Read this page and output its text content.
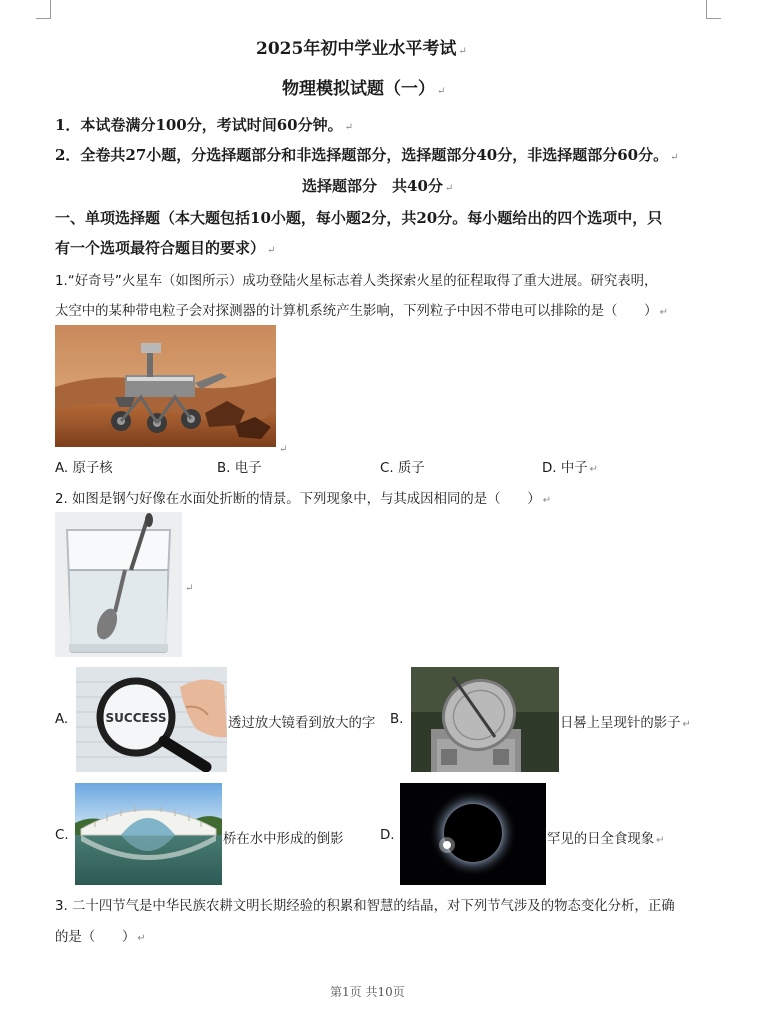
2025年初中学业水平考试 ↵
物理模拟试题（一） ↵
1．本试卷满分100分，考试时间60分钟。 ↵
2．全卷共27小题，分选择题部分和非选择题部分，选择题部分40分，非选择题部分60分。 ↵
选择题部分　共40分 ↵
一、单项选择题（本大题包括10小题，每小题2分，共20分。每小题给出的四个选项中，只
有一个选项最符合题目的要求） ↵
1.“好奇号”火星车（如图所示）成功登陆火星标志着人类探索火星的征程取得了重大进展。研究表明，
太空中的某种带电粒子会对探测器的计算机系统产生影响，下列粒子中因不带电可以排除的是（　　） ↵
↵
A. 原子核	B. 电子	C. 质子	D. 中子 ↵
2. 如图是钢勺好像在水面处折断的情景。下列现象中，与其成因相同的是（　　） ↵
↵
A.	SUCCESS	透过放大镜看到放大的字 B.	日晷上呈现针的影子 ↵
C.	桥在水中形成的倒影	D.	罕见的日全食现象 ↵
3. 二十四节气是中华民族农耕文明长期经验的积累和智慧的结晶，对下列节气涉及的物态变化分析，正确
的是（　　） ↵
第1页 共10页
